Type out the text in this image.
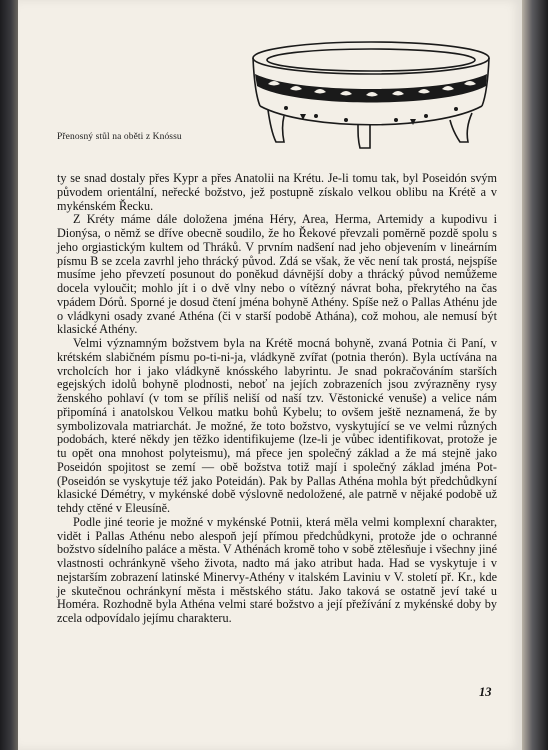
Přenosný stůl na oběti z Knóssu

ty se snad dostaly přes Kypr a přes Anatolii na Krétu. Je-li tomu tak, byl Poseidón svým původem orientální, neřecké božstvo, jež postupně získalo velkou oblibu na Krétě a v mykénském Řecku.

Z Kréty máme dále doložena jména Héry, Area, Herma, Artemidy a kupodivu i Dionýsa, o němž se dříve obecně soudilo, že ho Řekové převzali poměrně pozdě spolu s jeho orgiastickým kultem od Thráků. V prvním nadšení nad jeho objevením v lineárním písmu B se zcela zavrhl jeho thrácký původ. Zdá se však, že věc není tak prostá, nejspíše musíme jeho převzetí posunout do poněkud dávnější doby a thrácký původ nemůžeme docela vyloučit; mohlo jít i o dvě vlny nebo o vítězný návrat boha, překrytého na čas vpádem Dórů. Sporné je dosud čtení jména bohyně Athény. Spíše než o Pallas Athénu jde o vládkyni osady zvané Athéna (či v starší podobě Athána), což mohou, ale nemusí být klasické Athény.

Velmi významným božstvem byla na Krétě mocná bohyně, zvaná Potnia či Paní, v krétském slabičném písmu po-ti-ni-ja, vládkyně zvířat (potnia therón). Byla uctívána na vrcholcích hor i jako vládkyně knósského labyrintu. Je snad pokračováním starších egejských idolů bohyně plodnosti, neboť na jejích zobrazeních jsou zvýrazněny rysy ženského pohlaví (v tom se příliš neliší od naší tzv. Věstonické venuše) a velice nám připomíná i anatolskou Velkou matku bohů Kybelu; to ovšem ještě neznamená, že by symbolizovala matriarchát. Je možné, že toto božstvo, vyskytující se ve velmi různých podobách, které někdy jen těžko identifikujeme (lze-li je vůbec identifikovat, protože je tu opět ona mnohost polyteismu), má přece jen společný základ a že má stejně jako Poseidón spojitost se zemí — obě božstva totiž mají i společný základ jména Pot- (Poseidón se vyskytuje též jako Poteidán). Pak by Pallas Athéna mohla být předchůdkyní klasické Démétry, v mykénské době výslovně nedoložené, ale patrně v nějaké podobě už tehdy ctěné v Eleusíně.

Podle jiné teorie je možné v mykénské Potnii, která měla velmi komplexní charakter, vidět i Pallas Athénu nebo alespoň její přímou předchůdkyni, protože jde o ochranné božstvo sídelního paláce a města. V Athénách kromě toho v sobě ztělesňuje i všechny jiné vlastnosti ochránkyně všeho života, nadto má jako atribut hada. Had se vyskytuje i v nejstarším zobrazení latinské Minervy-Athény v italském Laviniu v V. století př. Kr., kde je skutečnou ochránkyní města i městského státu. Jako taková se ostatně jeví také u Homéra. Rozhodně byla Athéna velmi staré božstvo a její přežívání z mykénské doby by zcela odpovídalo jejímu charakteru.

13
